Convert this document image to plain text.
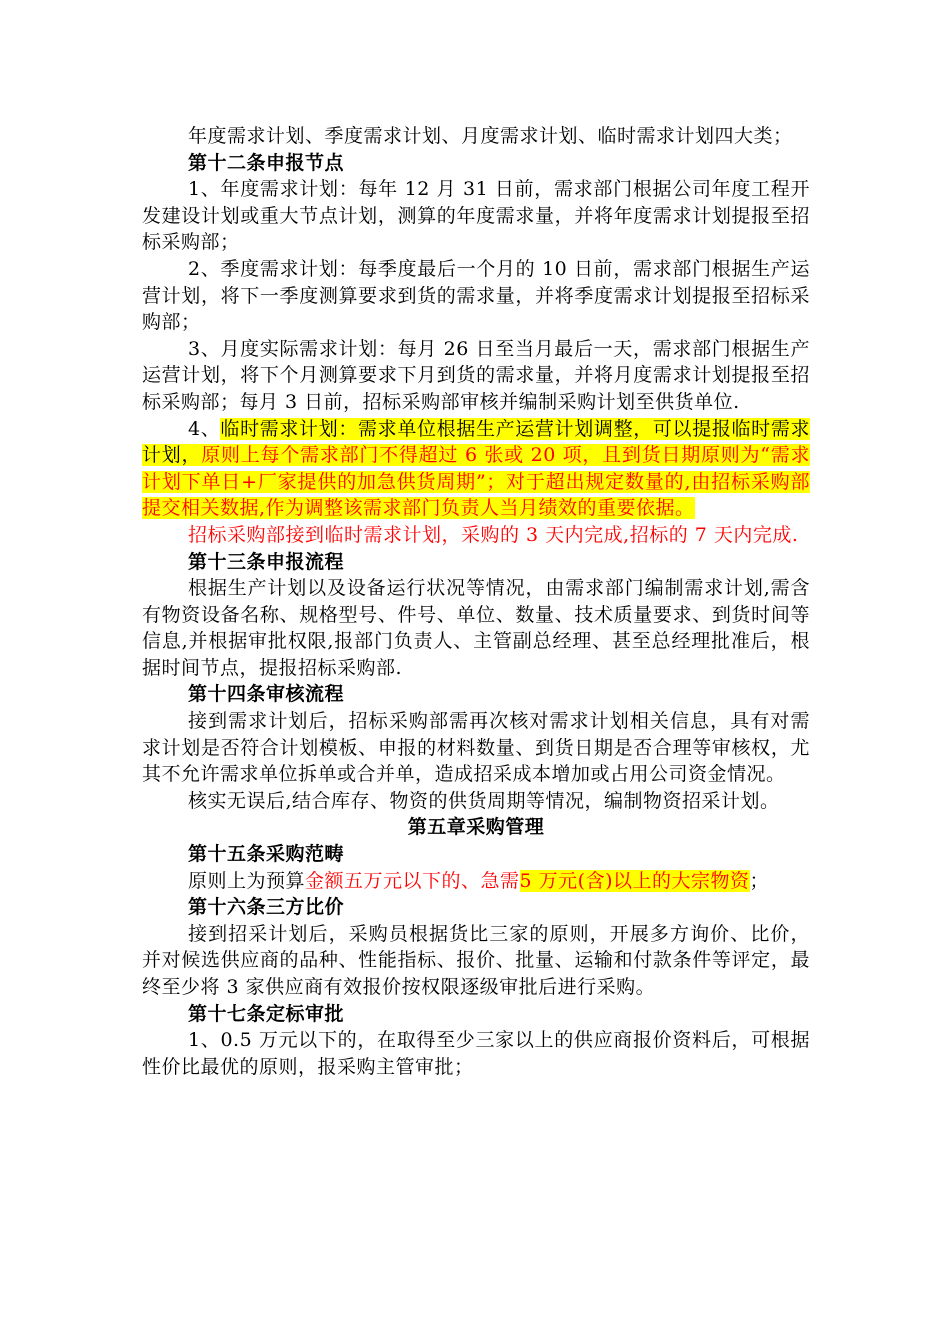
年度需求计划、季度需求计划、月度需求计划、临时需求计划四大类；

第十二条申报节点

1、年度需求计划：每年 12 月 31 日前，需求部门根据公司年度工程开发建设计划或重大节点计划，测算的年度需求量，并将年度需求计划提报至招标采购部；

2、季度需求计划：每季度最后一个月的 10 日前，需求部门根据生产运营计划，将下一季度测算要求到货的需求量，并将季度需求计划提报至招标采购部；

3、月度实际需求计划：每月 26 日至当月最后一天，需求部门根据生产运营计划，将下个月测算要求下月到货的需求量，并将月度需求计划提报至招标采购部；每月 3 日前，招标采购部审核并编制采购计划至供货单位.

4、临时需求计划：需求单位根据生产运营计划调整，可以提报临时需求计划，原则上每个需求部门不得超过 6 张或 20 项，且到货日期原则为“需求计划下单日+厂家提供的加急供货周期”；对于超出规定数量的,由招标采购部提交相关数据,作为调整该需求部门负责人当月绩效的重要依据。

招标采购部接到临时需求计划，采购的 3 天内完成,招标的 7 天内完成.

第十三条申报流程

根据生产计划以及设备运行状况等情况，由需求部门编制需求计划,需含有物资设备名称、规格型号、件号、单位、数量、技术质量要求、到货时间等信息,并根据审批权限,报部门负责人、主管副总经理、甚至总经理批准后，根据时间节点，提报招标采购部.

第十四条审核流程

接到需求计划后，招标采购部需再次核对需求计划相关信息，具有对需求计划是否符合计划模板、申报的材料数量、到货日期是否合理等审核权，尤其不允许需求单位拆单或合并单，造成招采成本增加或占用公司资金情况。

核实无误后,结合库存、物资的供货周期等情况，编制物资招采计划。

第五章采购管理

第十五条采购范畴

原则上为预算金额五万元以下的、急需5 万元(含)以上的大宗物资；

第十六条三方比价

接到招采计划后，采购员根据货比三家的原则，开展多方询价、比价，并对候选供应商的品种、性能指标、报价、批量、运输和付款条件等评定，最终至少将 3 家供应商有效报价按权限逐级审批后进行采购。

第十七条定标审批

1、0.5 万元以下的，在取得至少三家以上的供应商报价资料后，可根据性价比最优的原则，报采购主管审批；
